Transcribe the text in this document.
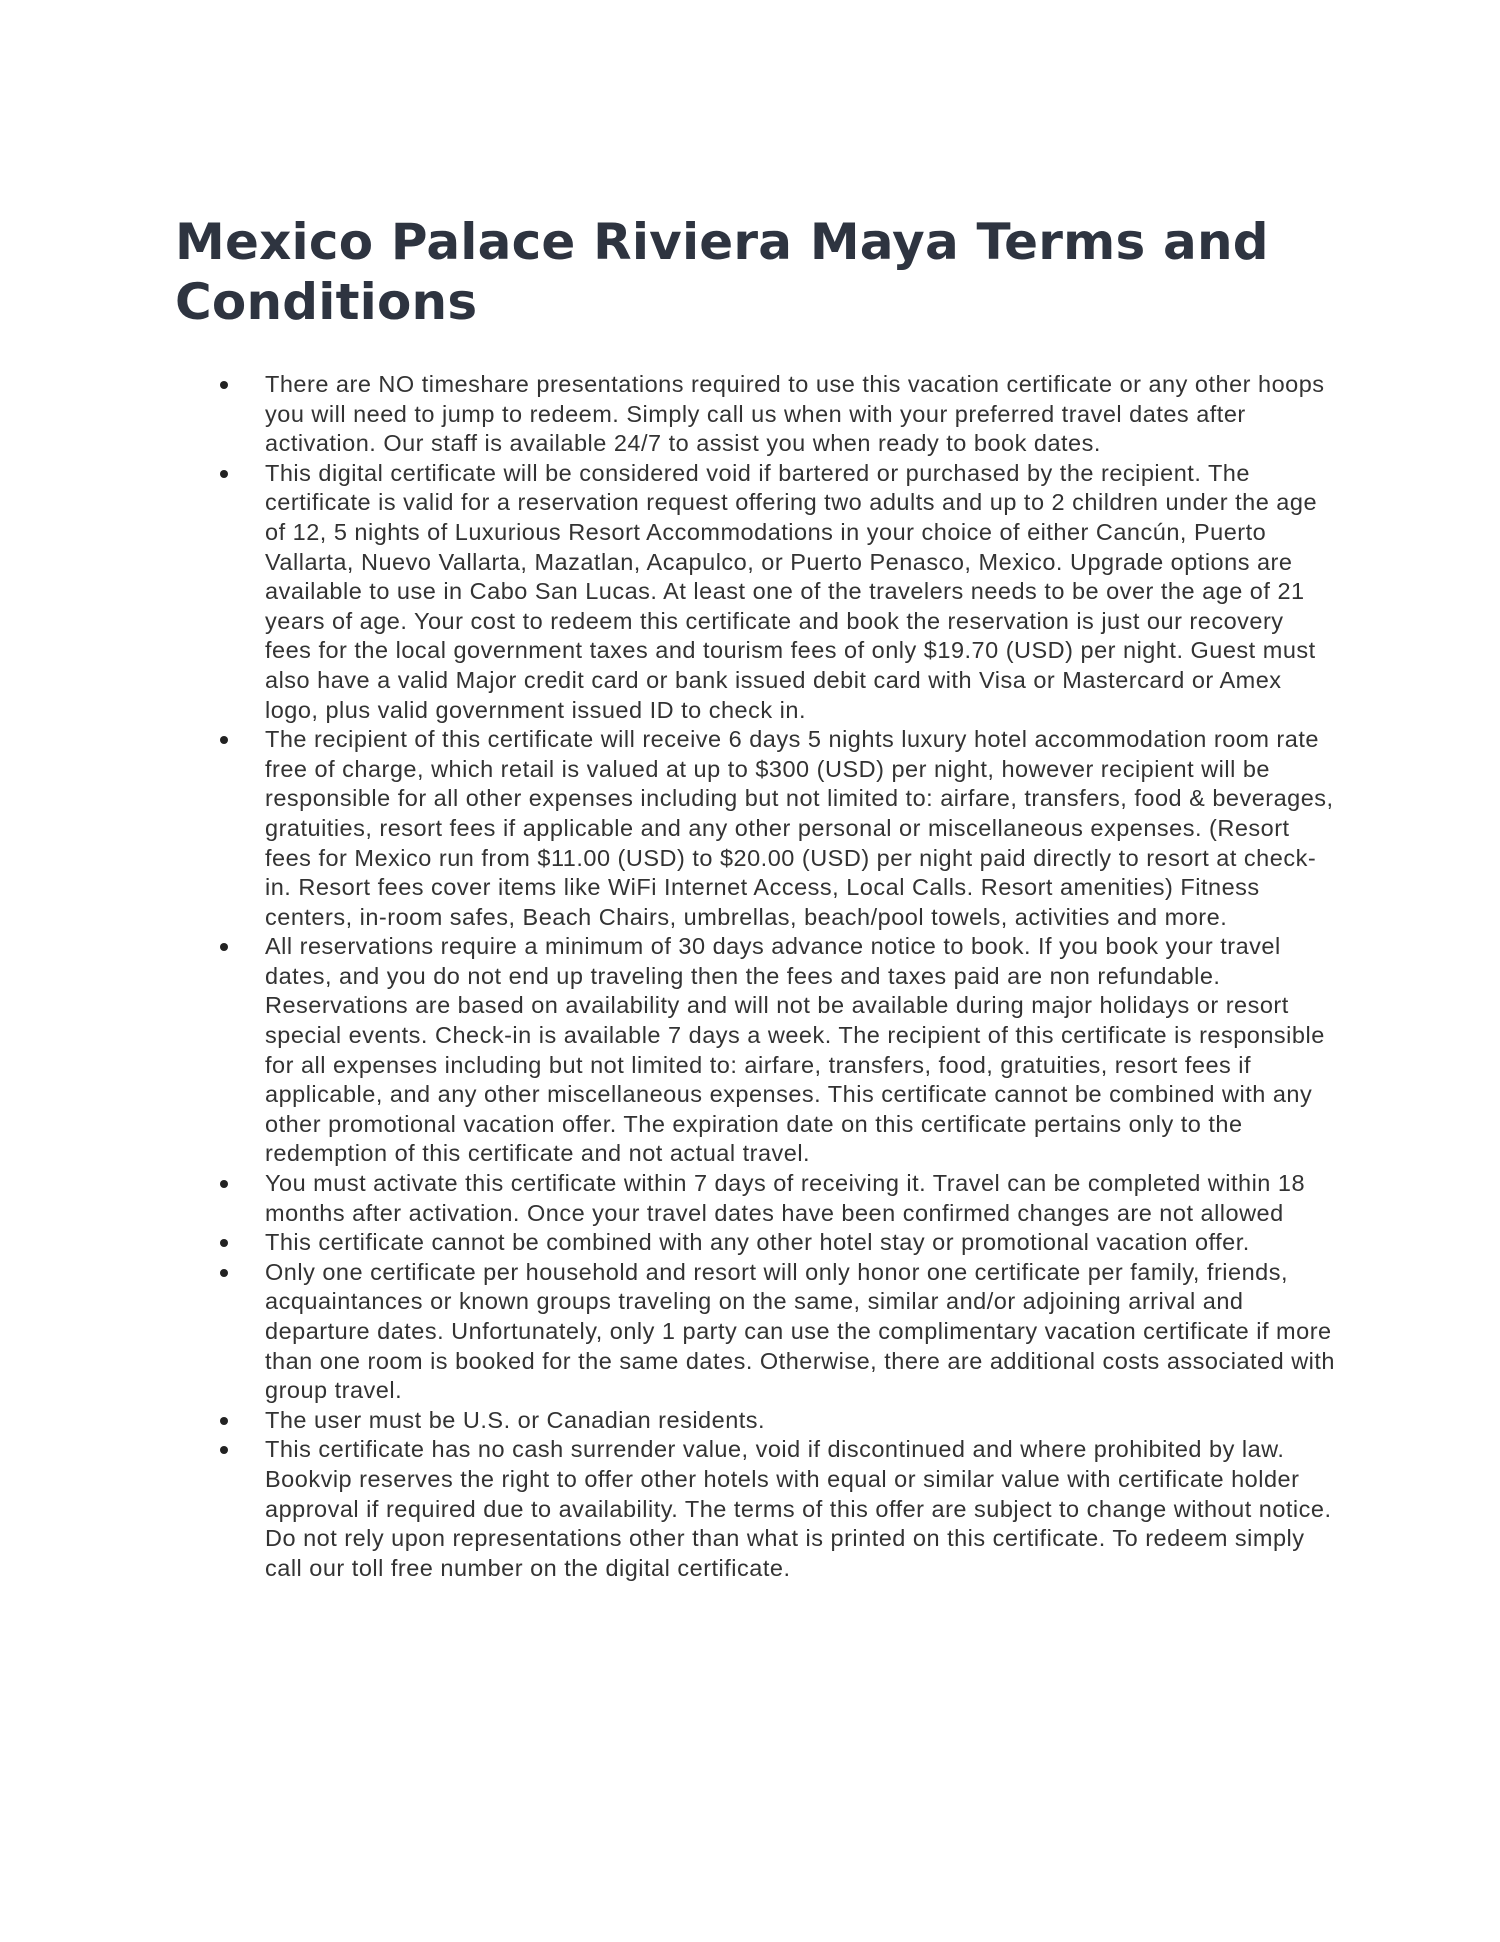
Mexico Palace Riviera Maya Terms and Conditions
There are NO timeshare presentations required to use this vacation certificate or any other hoops you will need to jump to redeem. Simply call us when with your preferred travel dates after activation. Our staff is available 24/7 to assist you when ready to book dates.
This digital certificate will be considered void if bartered or purchased by the recipient. The certificate is valid for a reservation request offering two adults and up to 2 children under the age of 12, 5 nights of Luxurious Resort Accommodations in your choice of either Cancún, Puerto Vallarta, Nuevo Vallarta, Mazatlan, Acapulco, or Puerto Penasco, Mexico. Upgrade options are available to use in Cabo San Lucas. At least one of the travelers needs to be over the age of 21 years of age. Your cost to redeem this certificate and book the reservation is just our recovery fees for the local government taxes and tourism fees of only $19.70 (USD) per night. Guest must also have a valid Major credit card or bank issued debit card with Visa or Mastercard or Amex logo, plus valid government issued ID to check in.
The recipient of this certificate will receive 6 days 5 nights luxury hotel accommodation room rate free of charge, which retail is valued at up to $300 (USD) per night, however recipient will be responsible for all other expenses including but not limited to: airfare, transfers, food & beverages, gratuities, resort fees if applicable and any other personal or miscellaneous expenses. (Resort fees for Mexico run from $11.00 (USD) to $20.00 (USD) per night paid directly to resort at check-in. Resort fees cover items like WiFi Internet Access, Local Calls. Resort amenities) Fitness centers, in-room safes, Beach Chairs, umbrellas, beach/pool towels, activities and more.
All reservations require a minimum of 30 days advance notice to book. If you book your travel dates, and you do not end up traveling then the fees and taxes paid are non refundable. Reservations are based on availability and will not be available during major holidays or resort special events. Check-in is available 7 days a week. The recipient of this certificate is responsible for all expenses including but not limited to: airfare, transfers, food, gratuities, resort fees if applicable, and any other miscellaneous expenses. This certificate cannot be combined with any other promotional vacation offer. The expiration date on this certificate pertains only to the redemption of this certificate and not actual travel.
You must activate this certificate within 7 days of receiving it. Travel can be completed within 18 months after activation. Once your travel dates have been confirmed changes are not allowed
This certificate cannot be combined with any other hotel stay or promotional vacation offer.
Only one certificate per household and resort will only honor one certificate per family, friends, acquaintances or known groups traveling on the same, similar and/or adjoining arrival and departure dates. Unfortunately, only 1 party can use the complimentary vacation certificate if more than one room is booked for the same dates. Otherwise, there are additional costs associated with group travel.
The user must be U.S. or Canadian residents.
This certificate has no cash surrender value, void if discontinued and where prohibited by law. Bookvip reserves the right to offer other hotels with equal or similar value with certificate holder approval if required due to availability. The terms of this offer are subject to change without notice. Do not rely upon representations other than what is printed on this certificate. To redeem simply call our toll free number on the digital certificate.
